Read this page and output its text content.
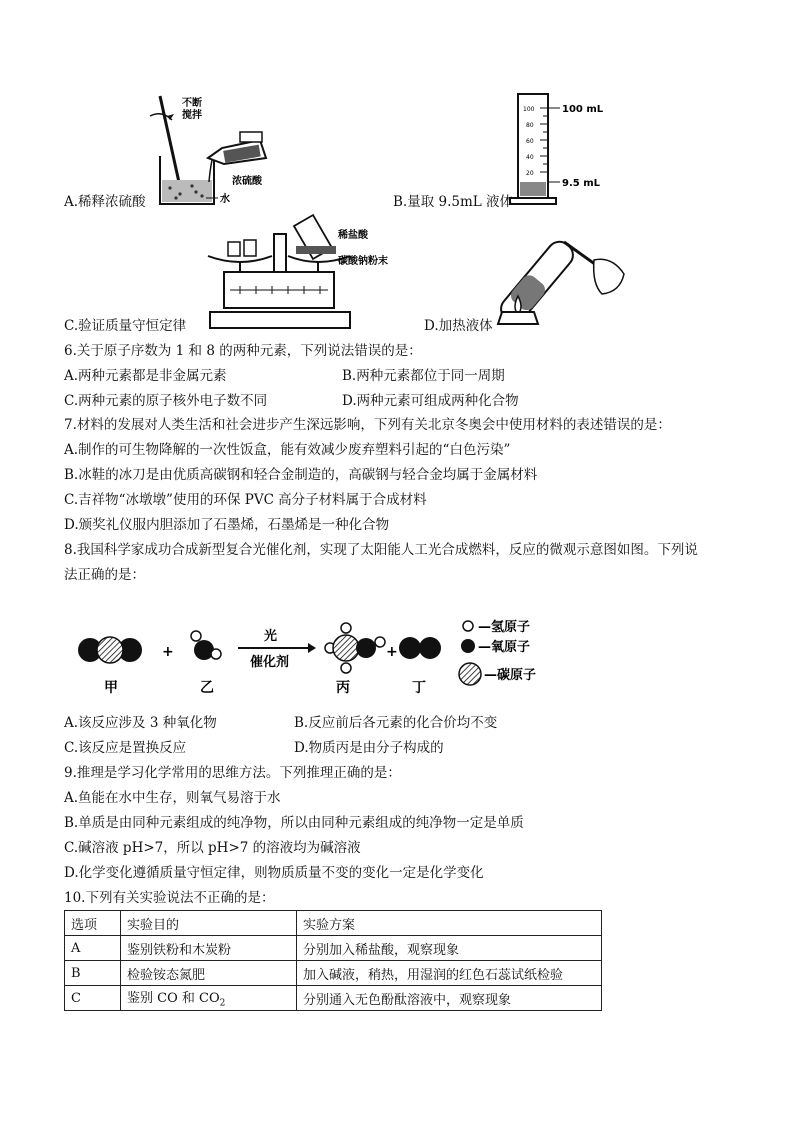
不断
搅拌
浓硫酸
水
A.稀释浓硫酸
100
80
60
40
20
100 mL
9.5 mL
B.量取 9.5mL 液体
稀盐酸
碳酸钠粉末
C.验证质量守恒定律	D.加热液体
6.关于原子序数为 1 和 8 的两种元素，下列说法错误的是：
A.两种元素都是非金属元素	B.两种元素都位于同一周期
C.两种元素的原子核外电子数不同	D.两种元素可组成两种化合物
7.材料的发展对人类生活和社会进步产生深远影响，下列有关北京冬奥会中使用材料的表述错误的是：
A.制作的可生物降解的一次性饭盒，能有效减少废弃塑料引起的“白色污染”
B.冰鞋的冰刀是由优质高碳钢和轻合金制造的，高碳钢与轻合金均属于金属材料
C.吉祥物“冰墩墩”使用的环保 PVC 高分子材料属于合成材料
D.颁奖礼仪服内胆添加了石墨烯，石墨烯是一种化合物
8.我国科学家成功合成新型复合光催化剂，实现了太阳能人工光合成燃料，反应的微观示意图如图。下列说
法正确的是：
甲
+
乙
光
催化剂
丙
+
丁
—氢原子
—氧原子
—碳原子
A.该反应涉及 3 种氧化物	B.反应前后各元素的化合价均不变
C.该反应是置换反应	D.物质丙是由分子构成的
9.推理是学习化学常用的思维方法。下列推理正确的是：
A.鱼能在水中生存，则氧气易溶于水
B.单质是由同种元素组成的纯净物，所以由同种元素组成的纯净物一定是单质
C.碱溶液 pH>7，所以 pH>7 的溶液均为碱溶液
D.化学变化遵循质量守恒定律，则物质质量不变的变化一定是化学变化
10.下列有关实验说法不正确的是：
选项	实验目的	实验方案
A	鉴别铁粉和木炭粉	分别加入稀盐酸，观察现象
B	检验铵态氮肥	加入碱液，稍热，用湿润的红色石蕊试纸检验
C	鉴别 CO 和 $CO_2$	分别通入无色酚酞溶液中，观察现象
